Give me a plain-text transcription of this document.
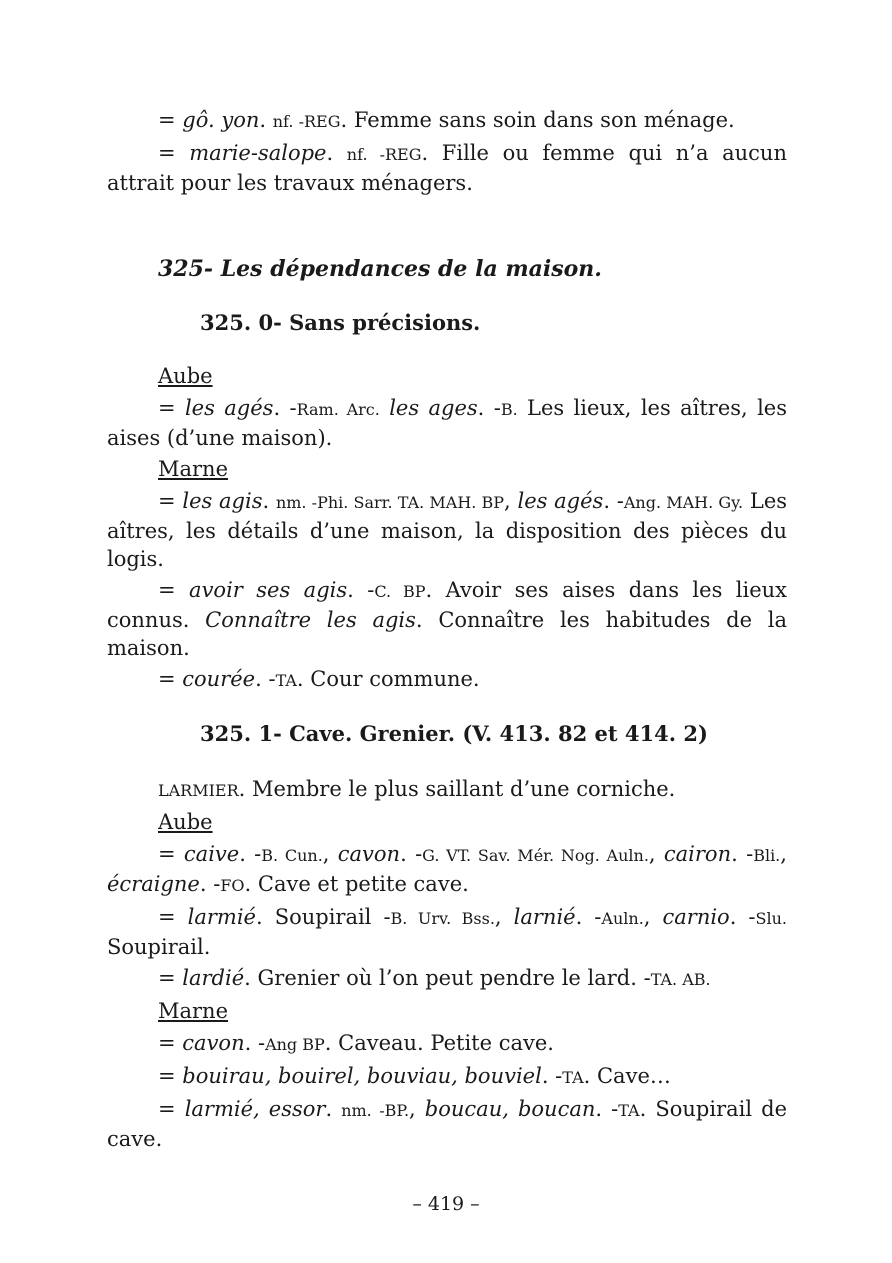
= gô. yon. nf. -REG. Femme sans soin dans son ménage.

= marie-salope. nf. -REG. Fille ou femme qui n’a aucun attrait pour les travaux ménagers.

325- Les dépendances de la maison.
325. 0- Sans précisions.

Aube

= les agés. -Ram. Arc. les ages. -B. Les lieux, les aîtres, les aises (d’une maison).

Marne

= les agis. nm. -Phi. Sarr. TA. MAH. BP, les agés. -Ang. MAH. Gy. Les aîtres, les détails d’une maison, la disposition des pièces du logis.

= avoir ses agis. -C. BP. Avoir ses aises dans les lieux connus. Connaître les agis. Connaître les habitudes de la maison.

= courée. -TA. Cour commune.

325. 1- Cave. Grenier. (V. 413. 82 et 414. 2)

LARMIER. Membre le plus saillant d’une corniche.

Aube

= caive. -B. Cun., cavon. -G. VT. Sav. Mér. Nog. Auln., cairon. -Bli., écraigne. -FO. Cave et petite cave.

= larmié. Soupirail -B. Urv. Bss., larnié. -Auln., carnio. -Slu. Soupirail.

= lardié. Grenier où l’on peut pendre le lard. -TA. AB.

Marne

= cavon. -Ang BP. Caveau. Petite cave.

= bouirau, bouirel, bouviau, bouviel. -TA. Cave…

= larmié, essor. nm. -BP., boucau, boucan. -TA. Soupirail de cave.

– 419 –
